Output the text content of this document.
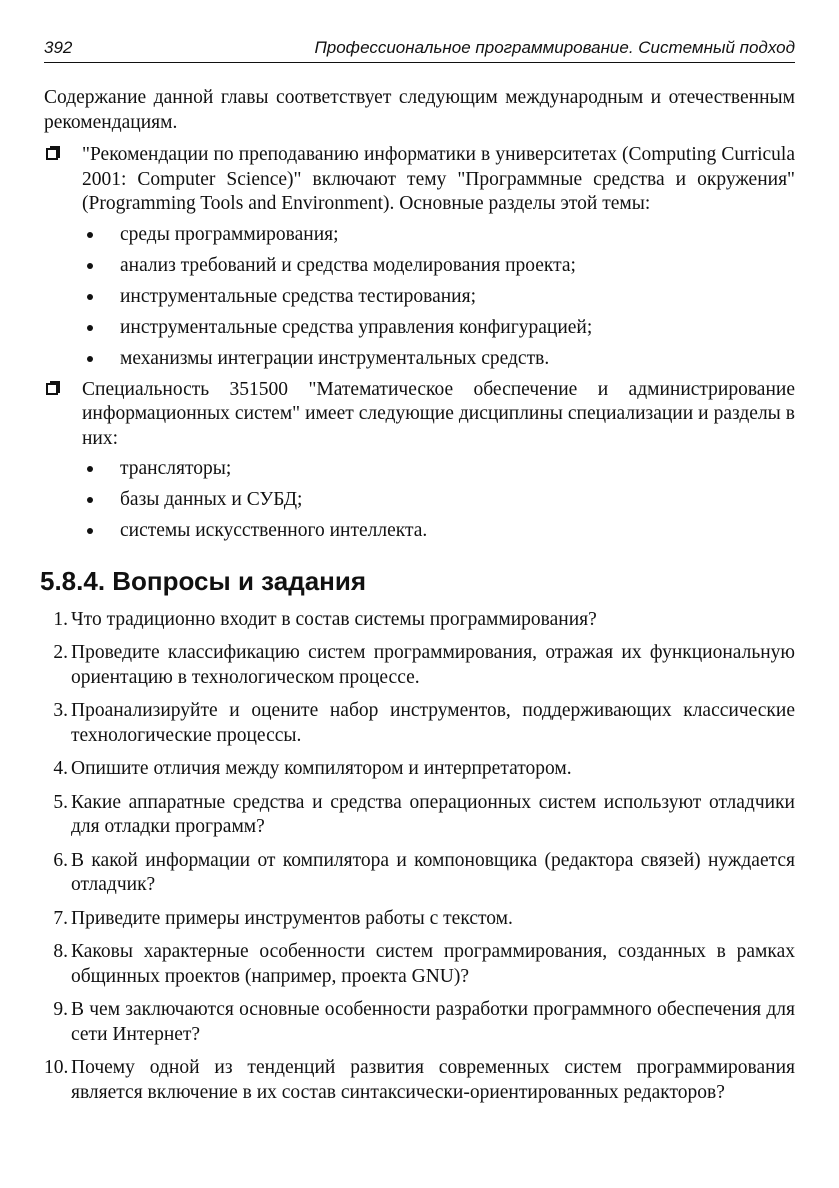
392	Профессиональное программирование. Системный подход

Содержание данной главы соответствует следующим международным и отечественным рекомендациям.

"Рекомендации по преподаванию информатики в университетах (Computing Curricula 2001: Computer Science)" включают тему "Программные средства и окружения" (Programming Tools and Environment). Основные разделы этой темы:

среды программирования;
анализ требований и средства моделирования проекта;
инструментальные средства тестирования;
инструментальные средства управления конфигурацией;
механизмы интеграции инструментальных средств.

Специальность 351500 "Математическое обеспечение и администрирование информационных систем" имеет следующие дисциплины специализации и разделы в них:

трансляторы;
базы данных и СУБД;
системы искусственного интеллекта.
5.8.4. Вопросы и задания
1. Что традиционно входит в состав системы программирования?

2. Проведите классификацию систем программирования, отражая их функциональную ориентацию в технологическом процессе.

3. Проанализируйте и оцените набор инструментов, поддерживающих классические технологические процессы.

4. Опишите отличия между компилятором и интерпретатором.

5. Какие аппаратные средства и средства операционных систем используют отладчики для отладки программ?

6. В какой информации от компилятора и компоновщика (редактора связей) нуждается отладчик?

7. Приведите примеры инструментов работы с текстом.

8. Каковы характерные особенности систем программирования, созданных в рамках общинных проектов (например, проекта GNU)?

9. В чем заключаются основные особенности разработки программного обеспечения для сети Интернет?

10. Почему одной из тенденций развития современных систем программирования является включение в их состав синтаксически-ориентированных редакторов?
